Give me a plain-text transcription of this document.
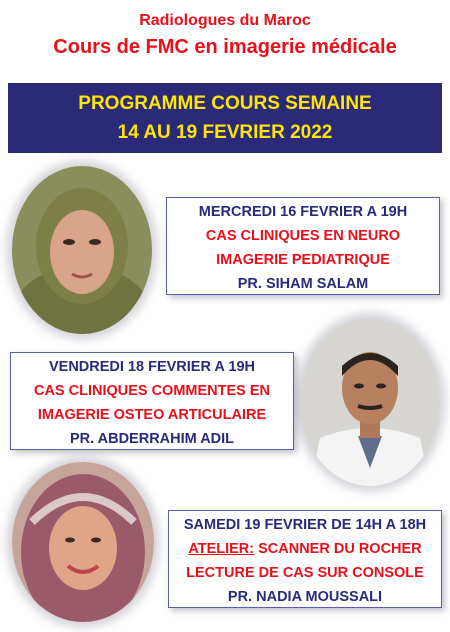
Radiologues du Maroc
Cours de FMC en imagerie médicale
PROGRAMME COURS SEMAINE
14 AU 19 FEVRIER 2022
MERCREDI 16 FEVRIER A 19H
CAS CLINIQUES EN NEURO
IMAGERIE PEDIATRIQUE
PR. SIHAM SALAM
VENDREDI 18 FEVRIER A 19H
CAS CLINIQUES COMMENTES EN
IMAGERIE OSTEO ARTICULAIRE
PR. ABDERRAHIM ADIL
SAMEDI 19 FEVRIER DE 14H A 18H
ATELIER: SCANNER DU ROCHER
LECTURE DE CAS SUR CONSOLE
PR. NADIA MOUSSALI
